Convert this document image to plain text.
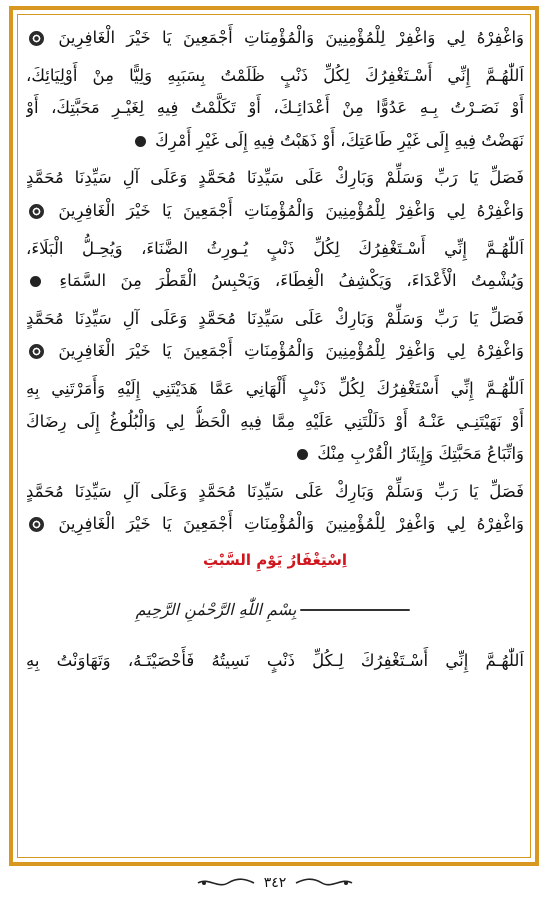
وَاغْفِرْهُ لِي وَاغْفِرْ لِلْمُؤْمِنِينَ وَالْمُؤْمِنَاتِ أَجْمَعِينَ يَا خَيْرَ الْغَافِرِينَ
اَللّٰهُـمَّ إِنِّي أَسْـتَغْفِرُكَ لِكُلِّ ذَنْبٍ ظَلَمْتُ بِسَبَبِهِ وَلِيًّا مِنْ أَوْلِيَائِكَ،
أَوْ نَصَـرْتُ بِـهِ عَدُوًّا مِنْ أَعْدَائِـكَ، أَوْ تَكَلَّمْتُ فِيهِ لِغَيْـرِ مَحَبَّتِكَ، أَوْ
نَهَضْتُ فِيهِ إِلَى غَيْرِ طَاعَتِكَ، أَوْ ذَهَبْتُ فِيهِ إِلَى غَيْرِ أَمْرِكَ
فَصَلِّ يَا رَبِّ وَسَلِّمْ وَبَارِكْ عَلَى سَيِّدِنَا مُحَمَّدٍ وَعَلَى آلِ سَيِّدِنَا مُحَمَّدٍ
وَاغْفِرْهُ لِي وَاغْفِرْ لِلْمُؤْمِنِينَ وَالْمُؤْمِنَاتِ أَجْمَعِينَ يَا خَيْرَ الْغَافِرِينَ
اَللّٰهُـمَّ إِنِّي أَسْـتَغْفِرُكَ لِكُلِّ ذَنْبٍ يُـورِثُ الضَّنَاءَ، وَيُحِـلُّ الْبَلَاءَ،
وَيُشْمِتُ الْأَعْدَاءَ، وَيَكْشِفُ الْغِطَاءَ، وَيَحْبِسُ الْقَطْرَ مِنَ السَّمَاءِ
فَصَلِّ يَا رَبِّ وَسَلِّمْ وَبَارِكْ عَلَى سَيِّدِنَا مُحَمَّدٍ وَعَلَى آلِ سَيِّدِنَا مُحَمَّدٍ
وَاغْفِرْهُ لِي وَاغْفِرْ لِلْمُؤْمِنِينَ وَالْمُؤْمِنَاتِ أَجْمَعِينَ يَا خَيْرَ الْغَافِرِينَ
اَللّٰهُـمَّ إِنِّي أَسْتَغْفِرُكَ لِكُلِّ ذَنْبٍ أَلْهَانِي عَمَّا هَدَيْتَنِي إِلَيْهِ وَأَمَرْتَنِي بِهِ
أَوْ نَهَيْتَنِـي عَنْـهُ أَوْ دَلَلْتَنِي عَلَيْهِ مِمَّا فِيهِ الْحَظُّ لِي وَالْبُلُوغُ إِلَى رِضَاكَ
وَاتِّبَاعُ مَحَبَّتِكَ وَإِيثَارُ الْقُرْبِ مِنْكَ
فَصَلِّ يَا رَبِّ وَسَلِّمْ وَبَارِكْ عَلَى سَيِّدِنَا مُحَمَّدٍ وَعَلَى آلِ سَيِّدِنَا مُحَمَّدٍ
وَاغْفِرْهُ لِي وَاغْفِرْ لِلْمُؤْمِنِينَ وَالْمُؤْمِنَاتِ أَجْمَعِينَ يَا خَيْرَ الْغَافِرِينَ
اِسْتِغْفَارُ يَوْمِ السَّبْتِ
بِسْمِ اللّٰهِ الرَّحْمٰنِ الرَّحِيمِ
اَللّٰهُـمَّ إِنِّي أَسْـتَغْفِرُكَ لِـكُلِّ ذَنْبٍ نَسِيتُهُ فَأَحْصَيْتَـهُ، وَتَهَاوَنْتُ بِهِ
٣٤٢
